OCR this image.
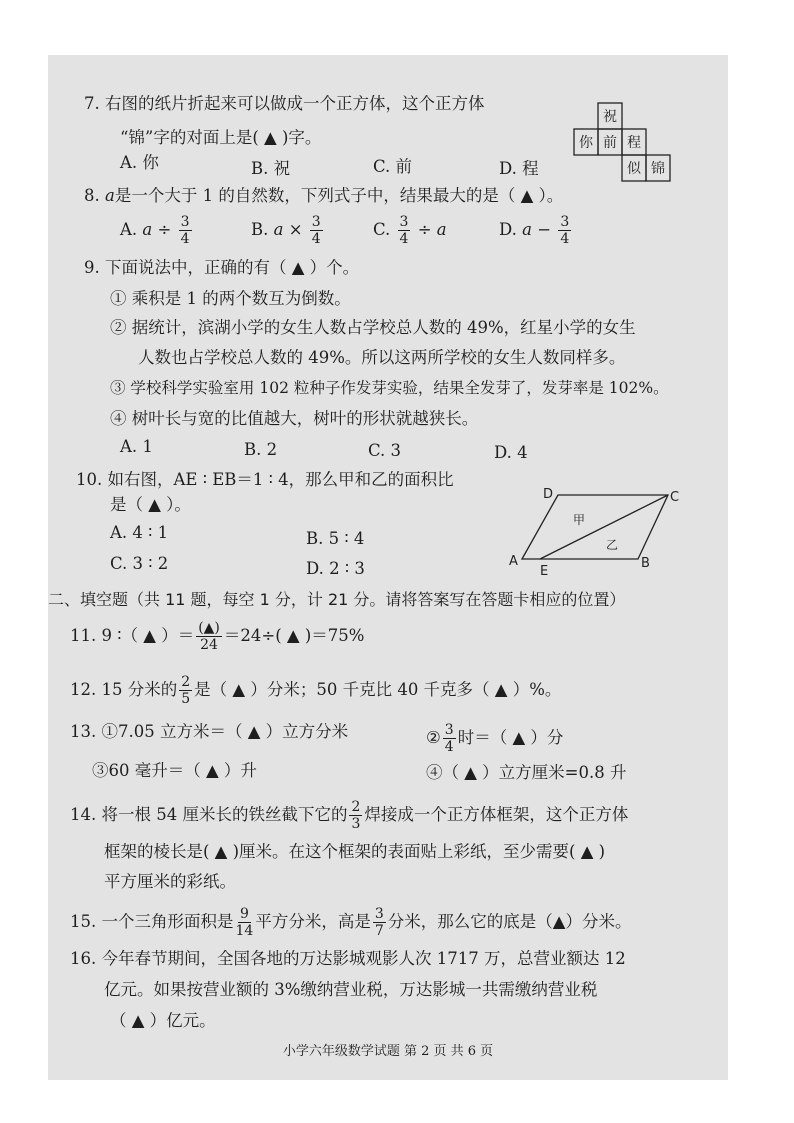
7. 右图的纸片折起来可以做成一个正方体，这个正方体
“锦”字的对面上是( ▲ )字。
A. 你	B. 祝	C. 前	D. 程
祝
你 前 程
似 锦
8. a是一个大于 1 的自然数，下列式子中，结果最大的是（ ▲ ）。
A. $a \div \frac{3}{4}$	B. $a \times \frac{3}{4}$	C. $\frac{3}{4} \div a$	D. $a - \frac{3}{4}$
9. 下面说法中，正确的有（ ▲ ）个。
① 乘积是 1 的两个数互为倒数。
② 据统计，滨湖小学的女生人数占学校总人数的 49%，红星小学的女生
人数也占学校总人数的 49%。所以这两所学校的女生人数同样多。
③ 学校科学实验室用 102 粒种子作发芽实验，结果全发芽了，发芽率是 102%。
④ 树叶长与宽的比值越大，树叶的形状就越狭长。
A. 1	B. 2	C. 3	D. 4
10. 如右图，AE ∶ EB＝1 ∶ 4，那么甲和乙的面积比
是（ ▲ ）。
A. 4 ∶ 1	B. 5 ∶ 4
C. 3 ∶ 2	D. 2 ∶ 3	A
E
B
C
D
甲
乙
二、填空题（共 11 题，每空 1 分，计 21 分。请将答案写在答题卡相应的位置）
11. 9 ∶（ ▲ ）＝ (▲)
24 ＝24÷( ▲ )＝75%
12. 15 分米的 $\frac{2}{5}$ 是（ ▲ ）分米；50 千克比 40 千克多（ ▲ ）%。
13. ①7.05 立方米＝（ ▲ ）立方分米	② $\frac{3}{4}$ 时＝（ ▲ ）分
③60 毫升＝（ ▲ ）升	④（ ▲ ）立方厘米=0.8 升
14. 将一根 54 厘米长的铁丝截下它的 $\frac{2}{3}$ 焊接成一个正方体框架，这个正方体
框架的棱长是( ▲ )厘米。在这个框架的表面贴上彩纸，至少需要( ▲ )
平方厘米的彩纸。
15. 一个三角形面积是 $\frac{9}{14}$ 平方分米，高是 $\frac{3}{7}$ 分米，那么它的底是（▲）分米。
16. 今年春节期间，全国各地的万达影城观影人次 1717 万，总营业额达 12
亿元。如果按营业额的 3%缴纳营业税，万达影城一共需缴纳营业税
（ ▲ ）亿元。
小学六年级数学试题 第 2 页 共 6 页
